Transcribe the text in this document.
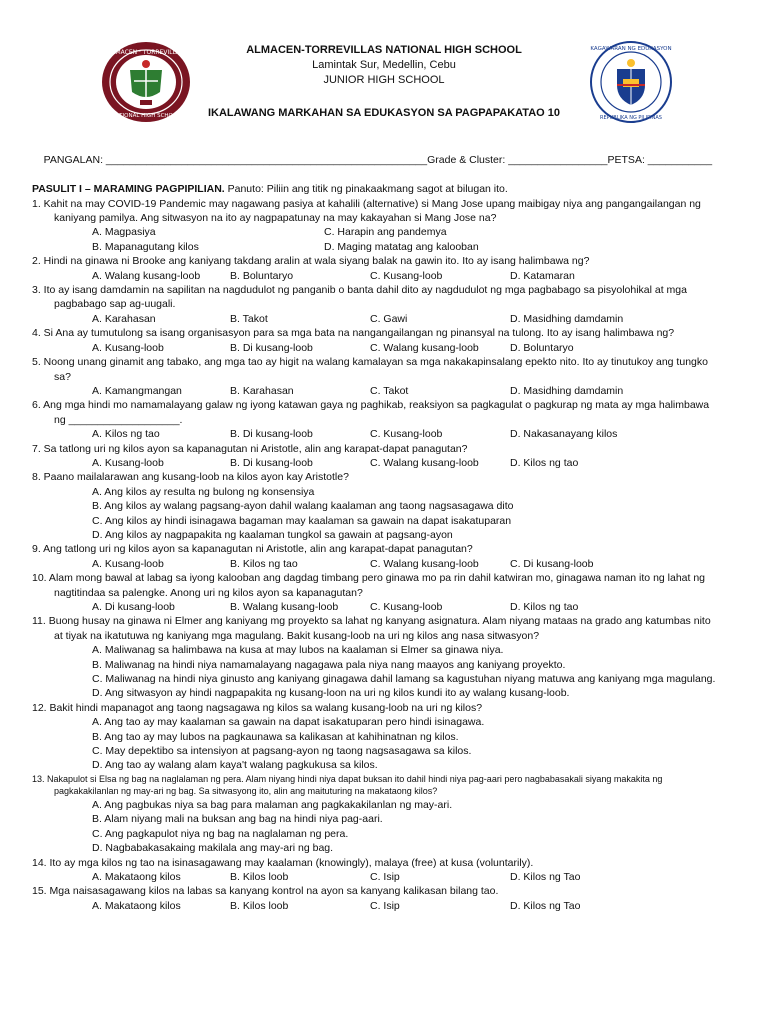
ALMACEN · TORREVILLAS
NATIONAL HIGH SCHOOL
ALMACEN-TORREVILLAS NATIONAL HIGH SCHOOL
Lamintak Sur, Medellin, Cebu
JUNIOR HIGH SCHOOL
IKALAWANG MARKAHAN SA EDUKASYON SA PAGPAPAKATAO 10
KAGAWARAN NG EDUKASYON
REPUBLIKA NG PILIPINAS

PANGALAN: _______________________________________________________Grade & Cluster: _________________PETSA: ___________

PASULIT I – MARAMING PAGPIPILIAN. Panuto: Piliin ang titik ng pinakaakmang sagot at bilugan ito.
1. Kahit na may COVID-19 Pandemic may nagawang pasiya at kahalili (alternative) si Mang Jose upang maibigay niya ang pangangailangan ng kaniyang pamilya. Ang sitwasyon na ito ay nagpapatunay na may kakayahan si Mang Jose na?
A. Magpasiya	C. Harapin ang pandemya
B. Mapanagutang kilos	D. Maging matatag ang kalooban
2. Hindi na ginawa ni Brooke ang kaniyang takdang aralin at wala siyang balak na gawin ito. Ito ay isang halimbawa ng?
A. Walang kusang-loob	B. Boluntaryo	C. Kusang-loob	D. Katamaran
3. Ito ay isang damdamin na sapilitan na nagdudulot ng panganib o banta dahil dito ay nagdudulot ng mga pagbabago sa pisyolohikal at mga pagbabago sap ag-uugali.
A. Karahasan	B. Takot	C. Gawi	D. Masidhing damdamin
4. Si Ana ay tumutulong sa isang organisasyon para sa mga bata na nangangailangan ng pinansyal na tulong. Ito ay isang halimbawa ng?
A. Kusang-loob	B. Di kusang-loob	C. Walang kusang-loob	D. Boluntaryo
5. Noong unang ginamit ang tabako, ang mga tao ay higit na walang kamalayan sa mga nakakapinsalang epekto nito. Ito ay tinutukoy ang tungko sa?
A. Kamangmangan	B. Karahasan	C. Takot	D. Masidhing damdamin
6. Ang mga hindi mo namamalayang galaw ng iyong katawan gaya ng paghikab, reaksiyon sa pagkagulat o pagkurap ng mata ay mga halimbawa ng ___________________.
A. Kilos ng tao	B. Di kusang-loob	C. Kusang-loob	D. Nakasanayang kilos
7. Sa tatlong uri ng kilos ayon sa kapanagutan ni Aristotle, alin ang karapat-dapat panagutan?
A. Kusang-loob	B. Di kusang-loob	C. Walang kusang-loob	D. Kilos ng tao
8. Paano mailalarawan ang kusang-loob na kilos ayon kay Aristotle?
A. Ang kilos ay resulta ng bulong ng konsensiya
B. Ang kilos ay walang pagsang-ayon dahil walang kaalaman ang taong nagsasagawa dito
C. Ang kilos ay hindi isinagawa bagaman may kaalaman sa gawain na dapat isakatuparan
D. Ang kilos ay nagpapakita ng kaalaman tungkol sa gawain at pagsang-ayon
9. Ang tatlong uri ng kilos ayon sa kapanagutan ni Aristotle, alin ang karapat-dapat panagutan?
A. Kusang-loob	B. Kilos ng tao	C. Walang kusang-loob	C. Di kusang-loob
10. Alam mong bawal at labag sa iyong kalooban ang dagdag timbang pero ginawa mo pa rin dahil katwiran mo, ginagawa naman ito ng lahat ng nagtitindaa sa palengke. Anong uri ng kilos ayon sa kapanagutan?
A. Di kusang-loob	B. Walang kusang-loob	C. Kusang-loob	D. Kilos ng tao
11. Buong husay na ginawa ni Elmer ang kaniyang mg proyekto sa lahat ng kanyang asignatura. Alam niyang mataas na grado ang katumbas nito at tiyak na ikatutuwa ng kaniyang mga magulang. Bakit kusang-loob na uri ng kilos ang nasa sitwasyon?
A. Maliwanag sa halimbawa na kusa at may lubos na kaalaman si Elmer sa ginawa niya.
B. Maliwanag na hindi niya namamalayang nagagawa pala niya nang maayos ang kaniyang proyekto.
C. Maliwanag na hindi niya ginusto ang kaniyang ginagawa dahil lamang sa kagustuhan niyang matuwa ang kaniyang mga magulang.
D. Ang sitwasyon ay hindi nagpapakita ng kusang-loon na uri ng kilos kundi ito ay walang kusang-loob.
12. Bakit hindi mapanagot ang taong nagsagawa ng kilos sa walang kusang-loob na uri ng kilos?
A. Ang tao ay may kaalaman sa gawain na dapat isakatuparan pero hindi isinagawa.
B. Ang tao ay may lubos na pagkaunawa sa kalikasan at kahihinatnan ng kilos.
C. May depektibo sa intensiyon at pagsang-ayon ng taong nagsasagawa sa kilos.
D. Ang tao ay walang alam kaya't walang pagkukusa sa kilos.
13. Nakapulot si Elsa ng bag na naglalaman ng pera. Alam niyang hindi niya dapat buksan ito dahil hindi niya pag-aari pero nagbabasakali siyang makakita ng pagkakakilanlan ng may-ari ng bag. Sa sitwasyong ito, alin ang maituturing na makataong kilos?
A. Ang pagbukas niya sa bag para malaman ang pagkakakilanlan ng may-ari.
B. Alam niyang mali na buksan ang bag na hindi niya pag-aari.
C. Ang pagkapulot niya ng bag na naglalaman ng pera.
D. Nagbabakasakaing makilala ang may-ari ng bag.
14. Ito ay mga kilos ng tao na isinasagawang may kaalaman (knowingly), malaya (free) at kusa (voluntarily).
A. Makataong kilos	B. Kilos loob	C. Isip	D. Kilos ng Tao
15. Mga naisasagawang kilos na labas sa kanyang kontrol na ayon sa kanyang kalikasan bilang tao.
A. Makataong kilos	B. Kilos loob	C. Isip	D. Kilos ng Tao
